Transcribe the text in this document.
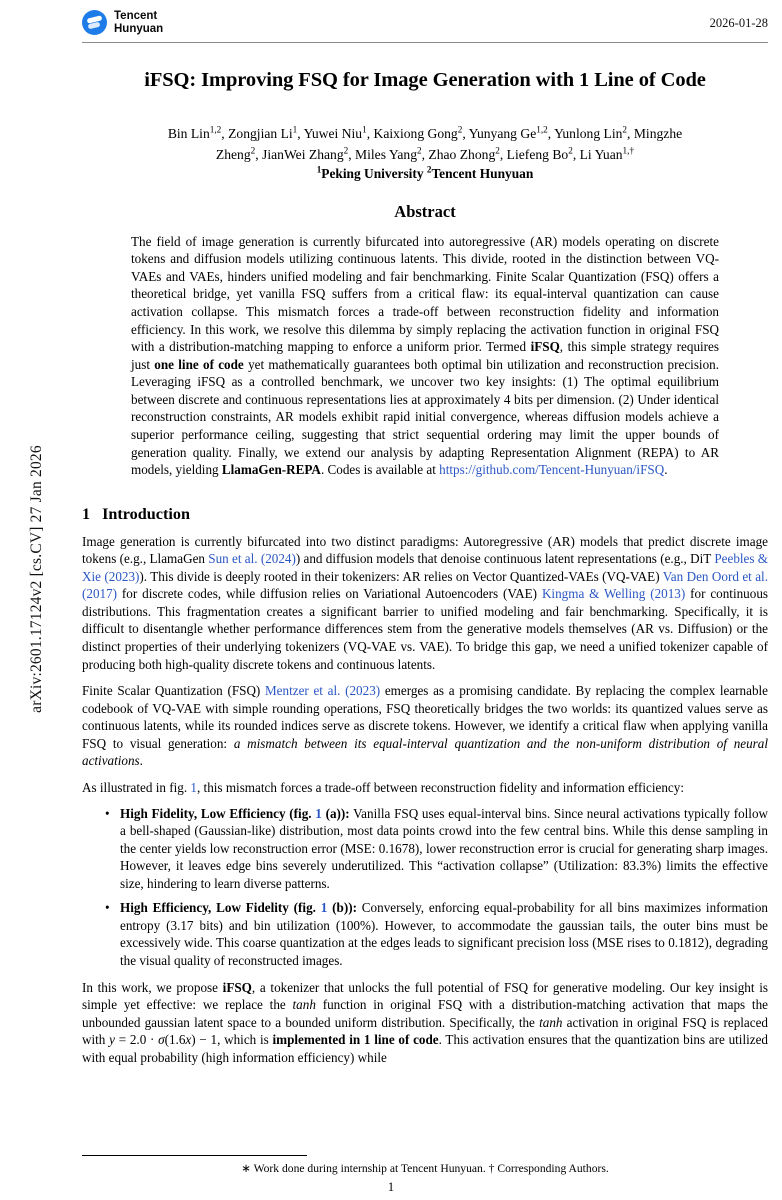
arXiv:2601.17124v2 [cs.CV] 27 Jan 2026
Tencent
Hunyuan	2026-01-28
iFSQ: Improving FSQ for Image Generation with 1 Line of Code
Bin Lin$^{1,2}$, Zongjian Li$^1$, Yuwei Niu$^1$, Kaixiong Gong$^2$, Yunyang Ge$^{1,2}$, Yunlong Lin$^2$, Mingzhe
Zheng$^2$, JianWei Zhang$^2$, Miles Yang$^2$, Zhao Zhong$^2$, Liefeng Bo$^2$, Li Yuan$^{1,\dagger}$
$^1$Peking University $^2$Tencent Hunyuan
Abstract
The field of image generation is currently bifurcated into autoregressive (AR) models operating on discrete tokens and diffusion models utilizing continuous latents. This divide, rooted in the distinction between VQ-VAEs and VAEs, hinders unified modeling and fair benchmarking. Finite Scalar Quantization (FSQ) offers a theoretical bridge, yet vanilla FSQ suffers from a critical flaw: its equal-interval quantization can cause activation collapse. This mismatch forces a trade-off between reconstruction fidelity and information efficiency. In this work, we resolve this dilemma by simply replacing the activation function in original FSQ with a distribution-matching mapping to enforce a uniform prior. Termed iFSQ, this simple strategy requires just one line of code yet mathematically guarantees both optimal bin utilization and reconstruction precision. Leveraging iFSQ as a controlled benchmark, we uncover two key insights: (1) The optimal equilibrium between discrete and continuous representations lies at approximately 4 bits per dimension. (2) Under identical reconstruction constraints, AR models exhibit rapid initial convergence, whereas diffusion models achieve a superior performance ceiling, suggesting that strict sequential ordering may limit the upper bounds of generation quality. Finally, we extend our analysis by adapting Representation Alignment (REPA) to AR models, yielding LlamaGen-REPA. Codes is available at https://github.com/Tencent-Hunyuan/iFSQ.
1 Introduction

Image generation is currently bifurcated into two distinct paradigms: Autoregressive (AR) models that predict discrete image tokens (e.g., LlamaGen Sun et al. (2024)) and diffusion models that denoise continuous latent representations (e.g., DiT Peebles & Xie (2023)). This divide is deeply rooted in their tokenizers: AR relies on Vector Quantized-VAEs (VQ-VAE) Van Den Oord et al. (2017) for discrete codes, while diffusion relies on Variational Autoencoders (VAE) Kingma & Welling (2013) for continuous distributions. This fragmentation creates a significant barrier to unified modeling and fair benchmarking. Specifically, it is difficult to disentangle whether performance differences stem from the generative models themselves (AR vs. Diffusion) or the distinct properties of their underlying tokenizers (VQ-VAE vs. VAE). To bridge this gap, we need a unified tokenizer capable of producing both high-quality discrete tokens and continuous latents.

Finite Scalar Quantization (FSQ) Mentzer et al. (2023) emerges as a promising candidate. By replacing the complex learnable codebook of VQ-VAE with simple rounding operations, FSQ theoretically bridges the two worlds: its quantized values serve as continuous latents, while its rounded indices serve as discrete tokens. However, we identify a critical flaw when applying vanilla FSQ to visual generation: a mismatch between its equal-interval quantization and the non-uniform distribution of neural activations.

As illustrated in fig. 1, this mismatch forces a trade-off between reconstruction fidelity and information efficiency:

• High Fidelity, Low Efficiency (fig. 1 (a)): Vanilla FSQ uses equal-interval bins. Since neural activations typically follow a bell-shaped (Gaussian-like) distribution, most data points crowd into the few central bins. While this dense sampling in the center yields low reconstruction error (MSE: 0.1678), lower reconstruction error is crucial for generating sharp images. However, it leaves edge bins severely underutilized. This “activation collapse” (Utilization: 83.3%) limits the effective size, hindering to learn diverse patterns.
• High Efficiency, Low Fidelity (fig. 1 (b)): Conversely, enforcing equal-probability for all bins maximizes information entropy (3.17 bits) and bin utilization (100%). However, to accommodate the gaussian tails, the outer bins must be excessively wide. This coarse quantization at the edges leads to significant precision loss (MSE rises to 0.1812), degrading the visual quality of reconstructed images.

In this work, we propose iFSQ, a tokenizer that unlocks the full potential of FSQ for generative modeling. Our key insight is simple yet effective: we replace the tanh function in original FSQ with a distribution-matching activation that maps the unbounded gaussian latent space to a bounded uniform distribution. Specifically, the tanh activation in original FSQ is replaced with y = 2.0 · σ(1.6x) − 1, which is implemented in 1 line of code. This activation ensures that the quantization bins are utilized with equal probability (high information efficiency) while

∗ Work done during internship at Tencent Hunyuan. † Corresponding Authors.
1
